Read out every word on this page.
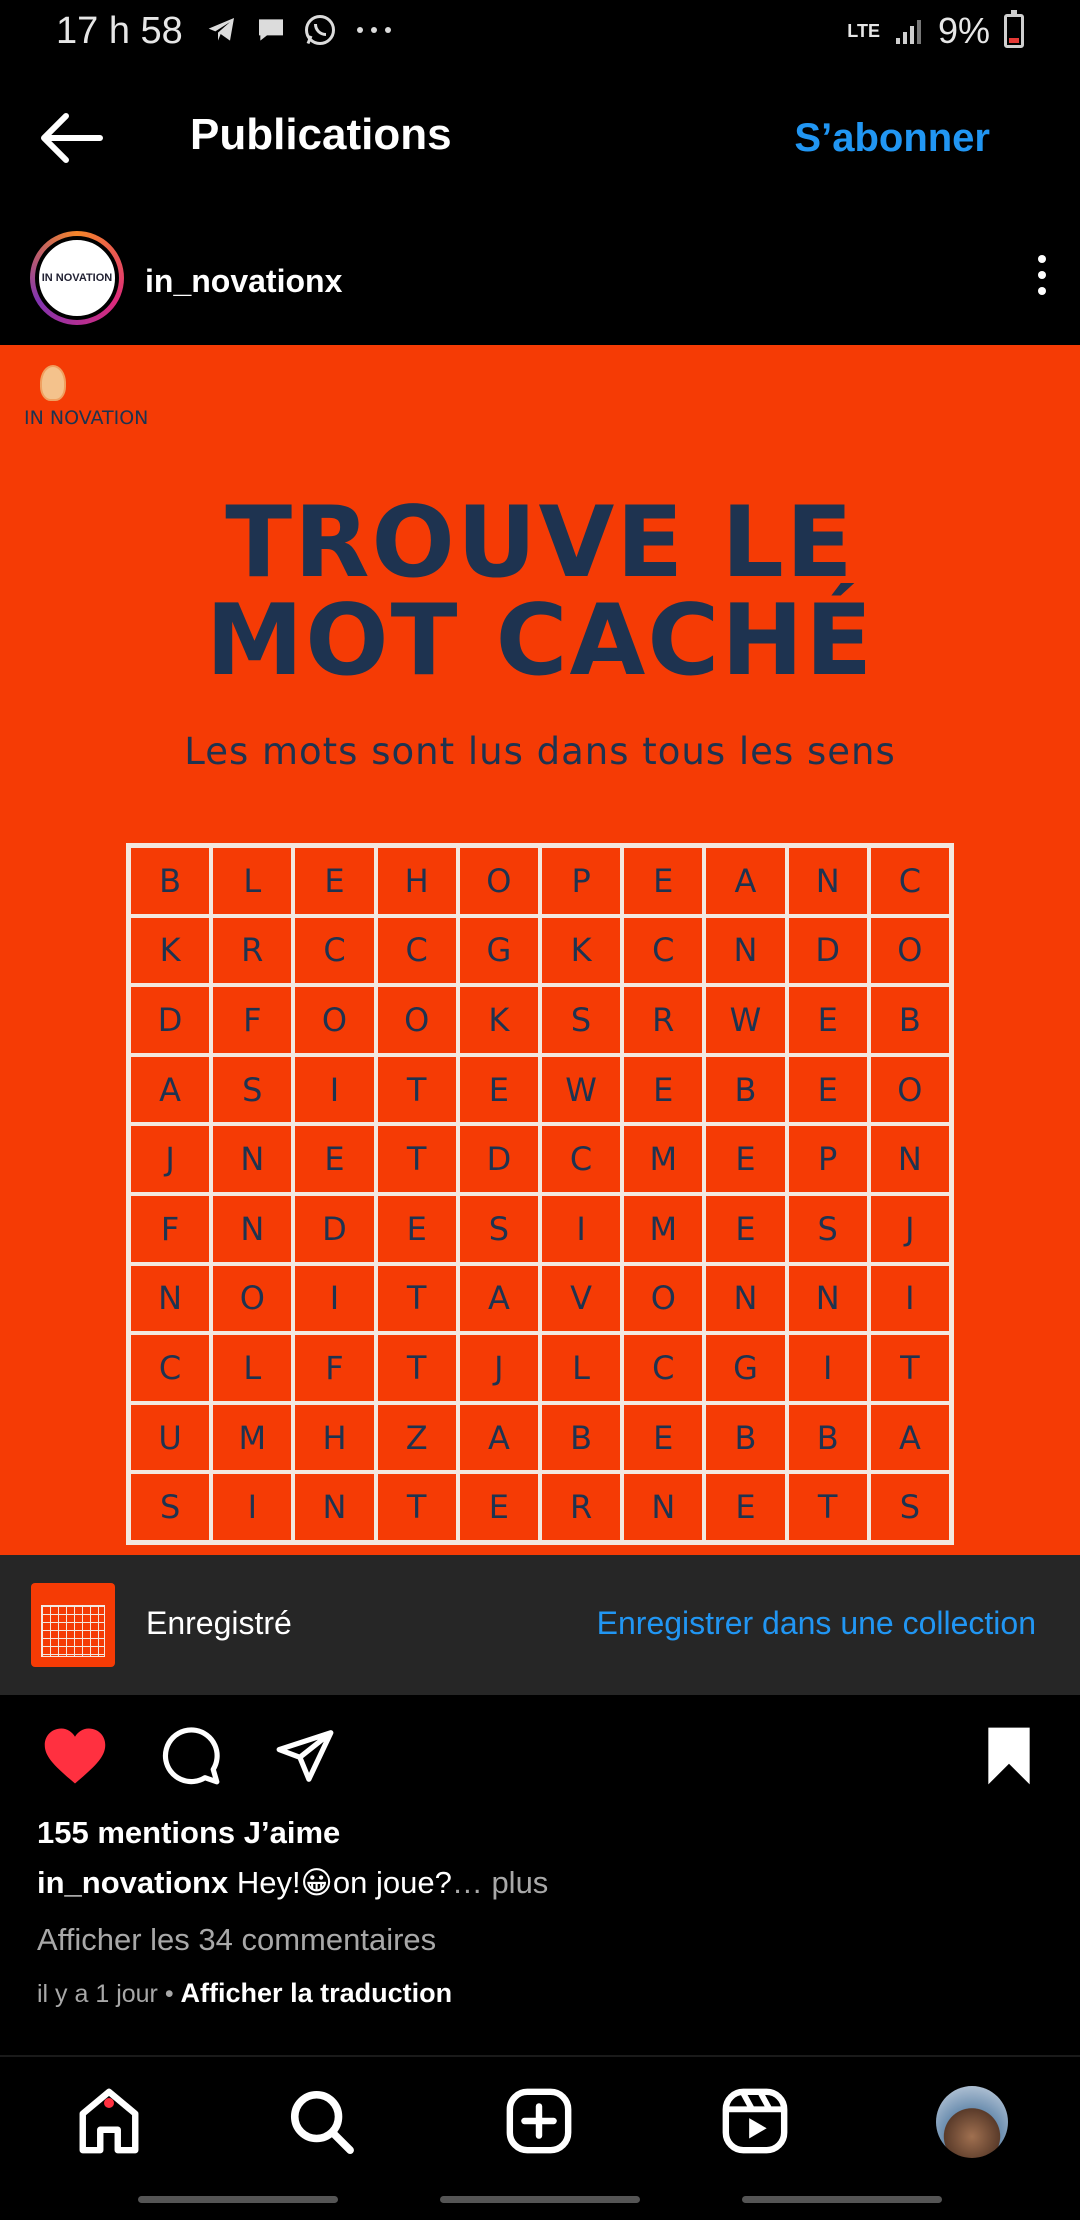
17 h 58	LTE 9%
Publications	S’abonner
IN NOVATION in_novationx
IN NOVATION
TROUVE LE
MOT CACHÉ
Les mots sont lus dans tous les sens
B	L	E	H	O	P	E	A	N	C
K	R	C	C	G	K	C	N	D	O
D	F	O	O	K	S	R	W	E	B
A	S	I	T	E	W	E	B	E	O
J	N	E	T	D	C	M	E	P	N
F	N	D	E	S	I	M	E	S	J
N	O	I	T	A	V	O	N	N	I
C	L	F	T	J	L	C	G	I	T
U	M	H	Z	A	B	E	B	B	A
S	I	N	T	E	R	N	E	T	S
Enregistré	Enregistrer dans une collection
155 mentions J’aime
in_novationx Hey!😀on joue?… plus
Afficher les 34 commentaires
il y a 1 jour • Afficher la traduction
